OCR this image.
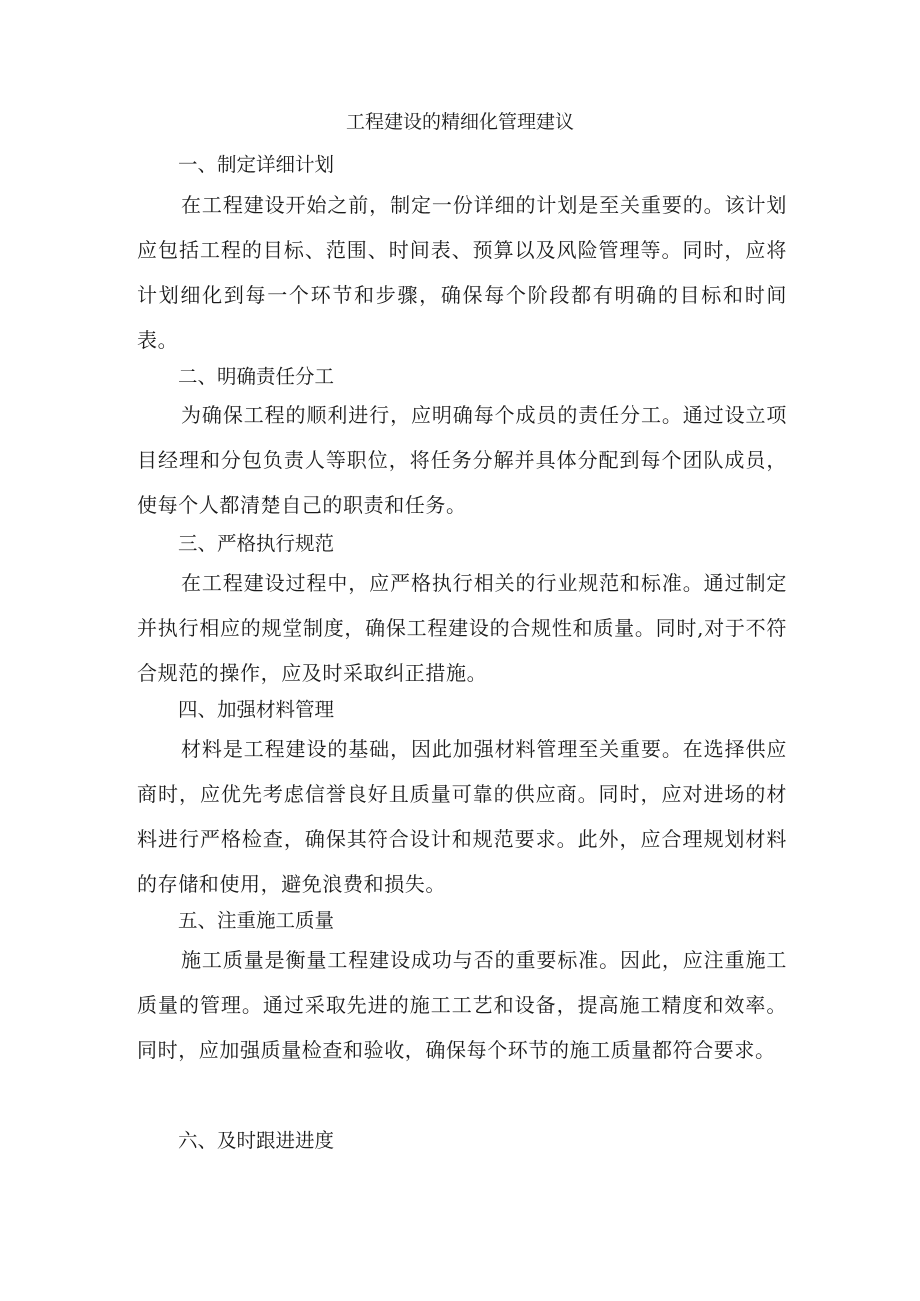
工程建设的精细化管理建议
一、制定详细计划

在工程建设开始之前，制定一份详细的计划是至关重要的。该计划应包括工程的目标、范围、时间表、预算以及风险管理等。同时，应将计划细化到每一个环节和步骤，确保每个阶段都有明确的目标和时间表。

二、明确责任分工

为确保工程的顺利进行，应明确每个成员的责任分工。通过设立项目经理和分包负责人等职位，将任务分解并具体分配到每个团队成员，使每个人都清楚自己的职责和任务。

三、严格执行规范

在工程建设过程中，应严格执行相关的行业规范和标准。通过制定并执行相应的规堂制度，确保工程建设的合规性和质量。同时,对于不符合规范的操作，应及时采取纠正措施。

四、加强材料管理

材料是工程建设的基础，因此加强材料管理至关重要。在选择供应商时，应优先考虑信誉良好且质量可靠的供应商。同时，应对进场的材料进行严格检查，确保其符合设计和规范要求。此外，应合理规划材料的存储和使用，避免浪费和损失。

五、注重施工质量

施工质量是衡量工程建设成功与否的重要标准。因此，应注重施工质量的管理。通过采取先进的施工工艺和设备，提高施工精度和效率。同时，应加强质量检查和验收，确保每个环节的施工质量都符合要求。

六、及时跟进进度
